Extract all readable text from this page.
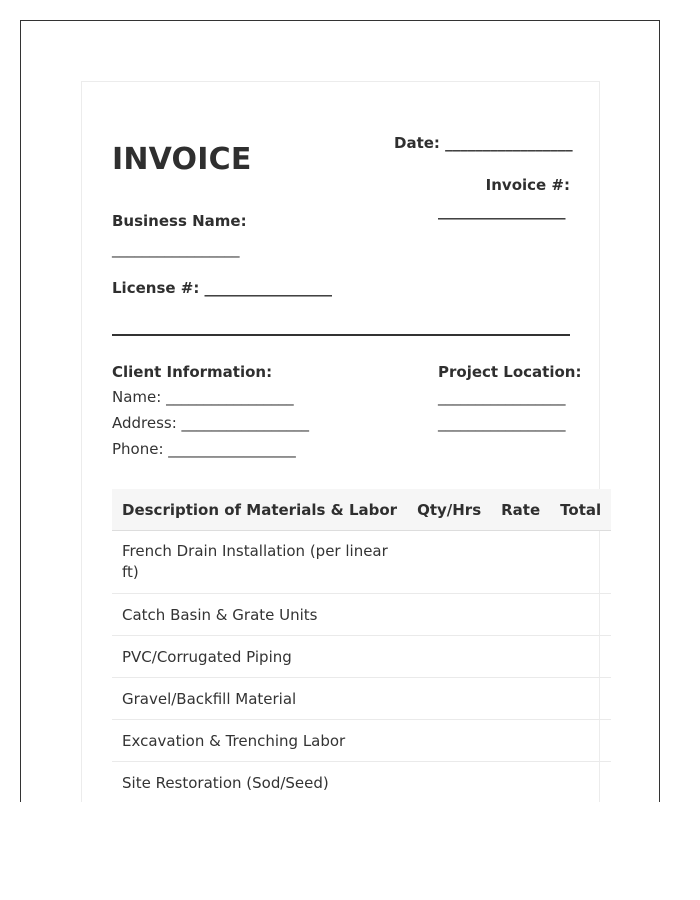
INVOICE	Date: _________________
Invoice #:
_________________
Business Name:
_________________
License #: _________________
Client Information:
Name: _________________
Address: _________________
Phone: _________________
Project Location:
_________________
_________________
Description of Materials & Labor	Qty/Hrs	Rate	Total
French Drain Installation (per linear ft)			
Catch Basin & Grate Units			
PVC/Corrugated Piping			
Gravel/Backfill Material			
Excavation & Trenching Labor			
Site Restoration (Sod/Seed)			
